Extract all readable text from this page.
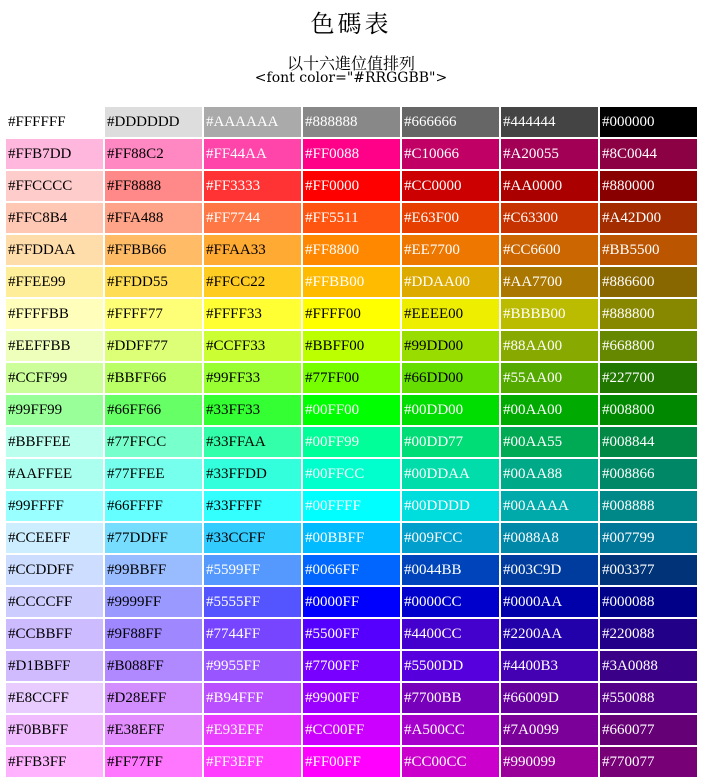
色碼表
以十六進位值排列
<font color="#RRGGBB">
#FFFFFF	#DDDDDD	#AAAAAA	#888888	#666666	#444444	#000000
#FFB7DD	#FF88C2	#FF44AA	#FF0088	#C10066	#A20055	#8C0044
#FFCCCC	#FF8888	#FF3333	#FF0000	#CC0000	#AA0000	#880000
#FFC8B4	#FFA488	#FF7744	#FF5511	#E63F00	#C63300	#A42D00
#FFDDAA	#FFBB66	#FFAA33	#FF8800	#EE7700	#CC6600	#BB5500
#FFEE99	#FFDD55	#FFCC22	#FFBB00	#DDAA00	#AA7700	#886600
#FFFFBB	#FFFF77	#FFFF33	#FFFF00	#EEEE00	#BBBB00	#888800
#EEFFBB	#DDFF77	#CCFF33	#BBFF00	#99DD00	#88AA00	#668800
#CCFF99	#BBFF66	#99FF33	#77FF00	#66DD00	#55AA00	#227700
#99FF99	#66FF66	#33FF33	#00FF00	#00DD00	#00AA00	#008800
#BBFFEE	#77FFCC	#33FFAA	#00FF99	#00DD77	#00AA55	#008844
#AAFFEE	#77FFEE	#33FFDD	#00FFCC	#00DDAA	#00AA88	#008866
#99FFFF	#66FFFF	#33FFFF	#00FFFF	#00DDDD	#00AAAA	#008888
#CCEEFF	#77DDFF	#33CCFF	#00BBFF	#009FCC	#0088A8	#007799
#CCDDFF	#99BBFF	#5599FF	#0066FF	#0044BB	#003C9D	#003377
#CCCCFF	#9999FF	#5555FF	#0000FF	#0000CC	#0000AA	#000088
#CCBBFF	#9F88FF	#7744FF	#5500FF	#4400CC	#2200AA	#220088
#D1BBFF	#B088FF	#9955FF	#7700FF	#5500DD	#4400B3	#3A0088
#E8CCFF	#D28EFF	#B94FFF	#9900FF	#7700BB	#66009D	#550088
#F0BBFF	#E38EFF	#E93EFF	#CC00FF	#A500CC	#7A0099	#660077
#FFB3FF	#FF77FF	#FF3EFF	#FF00FF	#CC00CC	#990099	#770077
